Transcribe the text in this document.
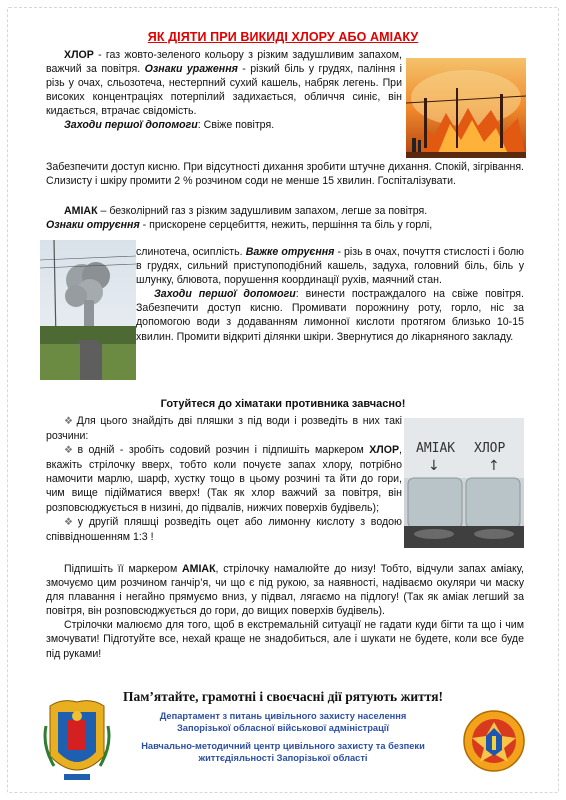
ЯК ДІЯТИ ПРИ ВИКИДІ ХЛОРУ АБО АМІАКУ
ХЛОР - газ жовто-зеленого кольору з різким задушливим запахом, важчий за повітря. Ознаки ураження - різкий біль у грудях, паління і різь у очах, сльозотеча, нестерпний сухий кашель, набряк легень. При високих концентраціях потерпілий задихається, обличчя синіє, він кидається, втрачає свідомість.
Заходи першої допомоги: Свіже повітря.
Забезпечити доступ кисню. При відсутності дихання зробити штучне дихання. Спокій, зігрівання. Слизисту і шкіру промити 2 % розчином соди не менше 15 хвилин. Госпіталізувати.
АМІАК – безколірний газ з різким задушливим запахом, легше за повітря.
Ознаки отруєння - прискорене серцебиття, нежить, першіння та біль у горлі,
слинотеча, осиплість. Важке отруєння - різь в очах, почуття стислості і болю в грудях, сильний приступоподібний кашель, задуха, головний біль, біль у шлунку, блювота, порушення координації рухів, маячний стан.
Заходи першої допомоги: винести постраждалого на свіже повітря. Забезпечити доступ кисню. Промивати порожнину роту, горло, ніс за допомогою води з додаванням лимонної кислоти протягом близько 10-15 хвилин. Промити відкриті ділянки шкіри. Звернутися до лікарняного закладу.
Готуйтеся до хіматаки противника завчасно!
АМІАК ХЛОР
↓	↑
❖ Для цього знайдіть дві пляшки з під води і розведіть в них такі розчини:
❖ в одній - зробіть содовий розчин і підпишіть маркером ХЛОР, вкажіть стрілочку вверх, тобто коли почуєте запах хлору, потрібно намочити марлю, шарф, хустку тощо в цьому розчині та йти до гори, чим вище підійматися вверх! (Так як хлор важчий за повітря, він розповсюджується в низині, до підвалів, нижчих поверхів будівель);
❖ у другій пляшці розведіть оцет або лимонну кислоту з водою співвідношенням 1:3 !
Підпишіть її маркером АМІАК, стрілочку намалюйте до низу! Тобто, відчули запах аміаку, змочуємо цим розчином ганчір’я, чи що є під рукою, за наявності, надіваємо окуляри чи маску для плавання і негайно прямуємо вниз, у підвал, лягаємо на підлогу! (Так як аміак легший за повітря, він розповсюджується до гори, до вищих поверхів будівель).
Стрілочки малюємо для того, щоб в екстремальній ситуації не гадати куди бігти та що і чим змочувати! Підготуйте все, нехай краще не знадобиться, але і шукати не будете, коли все буде під руками!
Пам’ятайте, грамотні і своєчасні дії рятують життя!
Департамент з питань цивільного захисту населення
Запорізької обласної військової адміністрації
Навчально-методичний центр цивільного захисту та безпеки
життєдіяльності Запорізької області
